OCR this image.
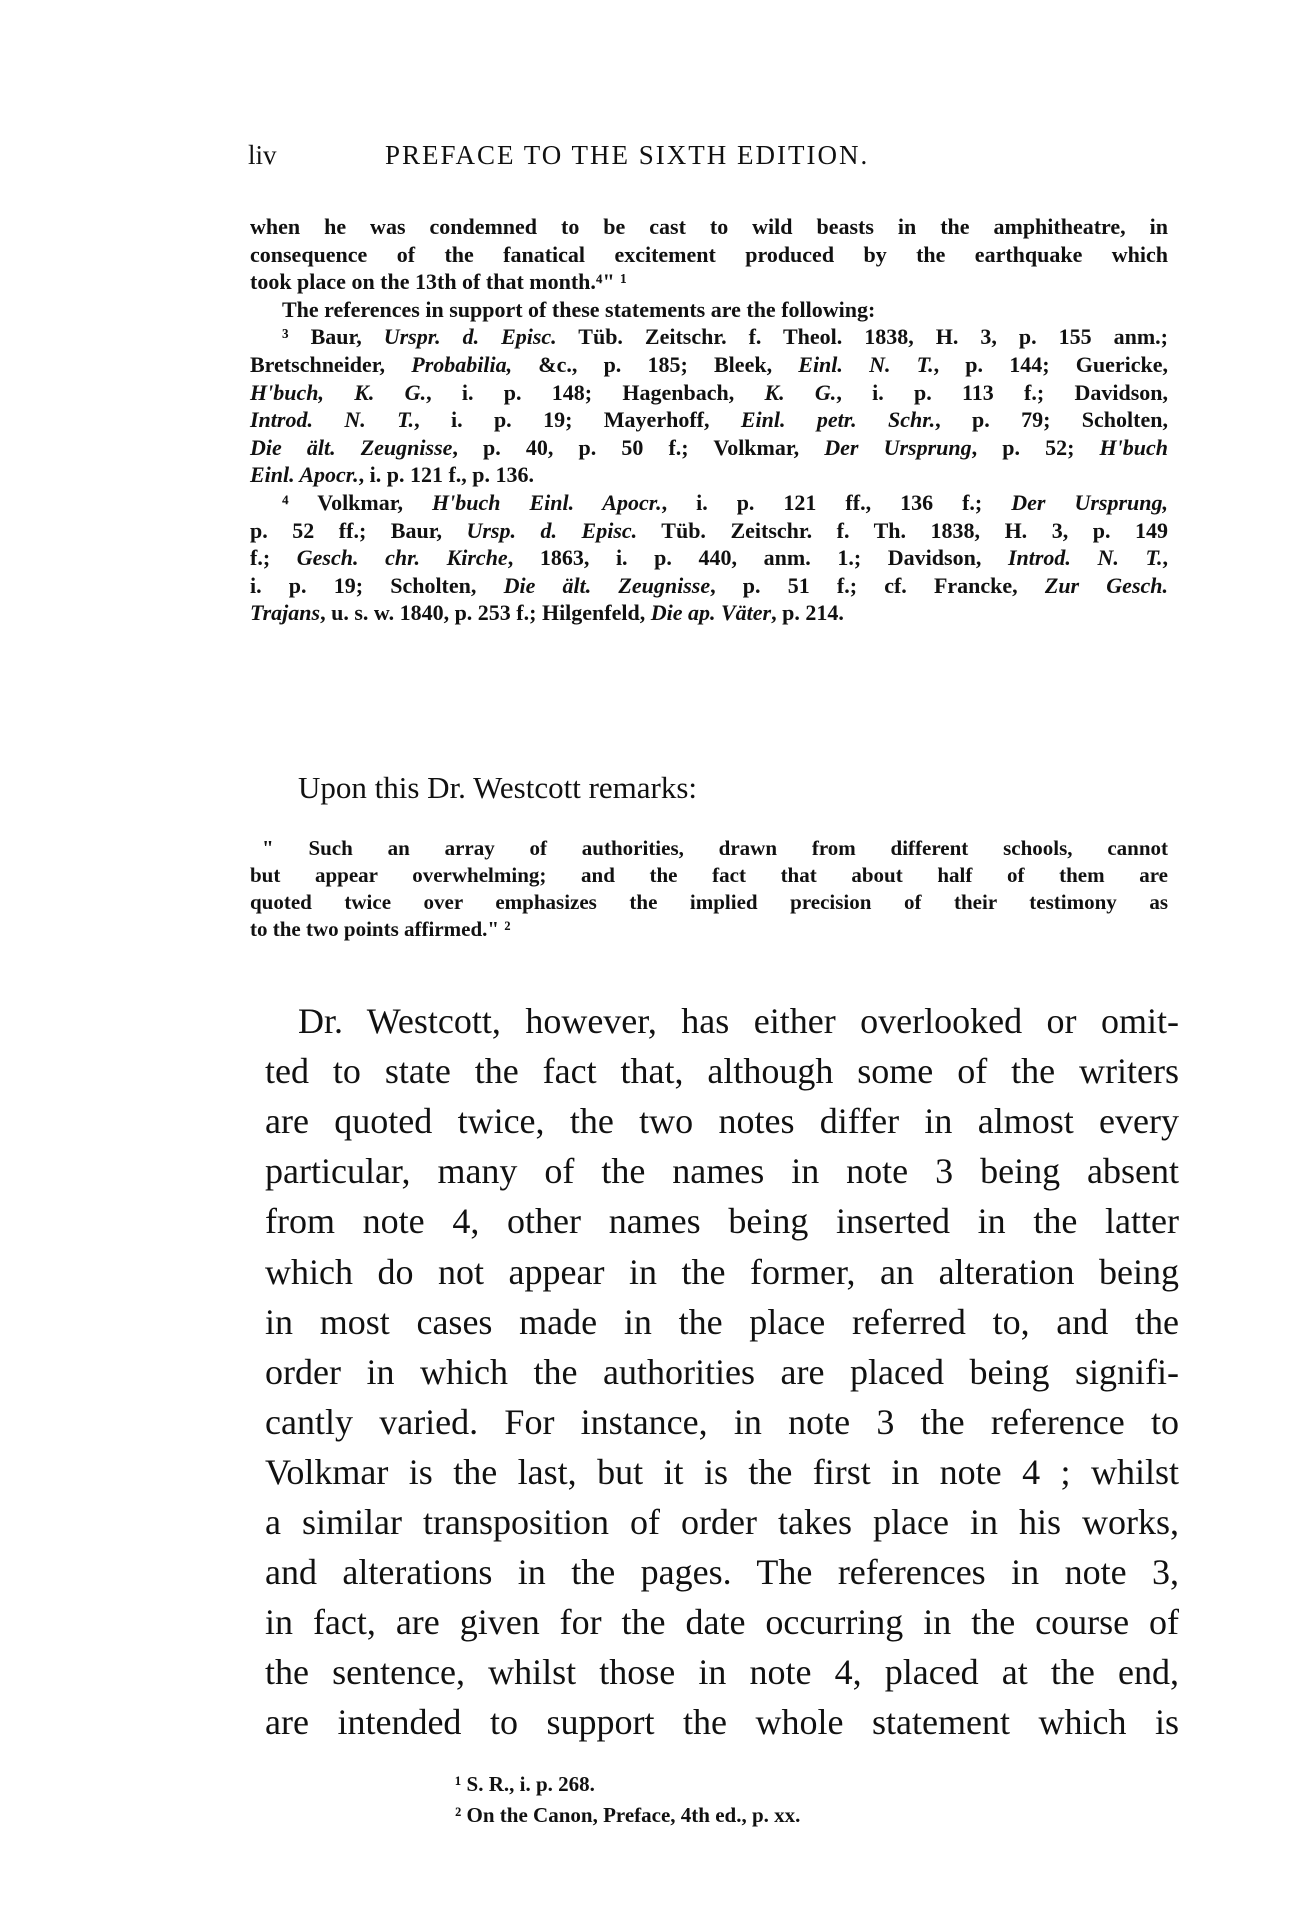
liv	PREFACE TO THE SIXTH EDITION.
when he was condemned to be cast to wild beasts in the amphitheatre, in
consequence of the fanatical excitement produced by the earthquake which
took place on the 13th of that month.⁴" ¹
The references in support of these statements are the following:
³ Baur, Urspr. d. Episc. Tüb. Zeitschr. f. Theol. 1838, H. 3, p. 155 anm.;
Bretschneider, Probabilia, &c., p. 185; Bleek, Einl. N. T., p. 144; Guericke,
H'buch, K. G., i. p. 148; Hagenbach, K. G., i. p. 113 f.; Davidson,
Introd. N. T., i. p. 19; Mayerhoff, Einl. petr. Schr., p. 79; Scholten,
Die ält. Zeugnisse, p. 40, p. 50 f.; Volkmar, Der Ursprung, p. 52; H'buch
Einl. Apocr., i. p. 121 f., p. 136.
⁴ Volkmar, H'buch Einl. Apocr., i. p. 121 ff., 136 f.; Der Ursprung,
p. 52 ff.; Baur, Ursp. d. Episc. Tüb. Zeitschr. f. Th. 1838, H. 3, p. 149
f.; Gesch. chr. Kirche, 1863, i. p. 440, anm. 1.; Davidson, Introd. N. T.,
i. p. 19; Scholten, Die ält. Zeugnisse, p. 51 f.; cf. Francke, Zur Gesch.
Trajans, u. s. w. 1840, p. 253 f.; Hilgenfeld, Die ap. Väter, p. 214.
" Such an array of authorities, drawn from different schools, cannot
but appear overwhelming; and the fact that about half of them are
quoted twice over emphasizes the implied precision of their testimony as
to the two points affirmed." ²
Dr. Westcott, however, has either overlooked or omit-
ted to state the fact that, although some of the writers
are quoted twice, the two notes differ in almost every
particular, many of the names in note 3 being absent
from note 4, other names being inserted in the latter
which do not appear in the former, an alteration being
in most cases made in the place referred to, and the
order in which the authorities are placed being signifi-
cantly varied. For instance, in note 3 the reference to
Volkmar is the last, but it is the first in note 4 ; whilst
a similar transposition of order takes place in his works,
and alterations in the pages. The references in note 3,
in fact, are given for the date occurring in the course of
the sentence, whilst those in note 4, placed at the end,
are intended to support the whole statement which is
Upon this Dr. Westcott remarks:
¹ S. R., i. p. 268.
² On the Canon, Preface, 4th ed., p. xx.
